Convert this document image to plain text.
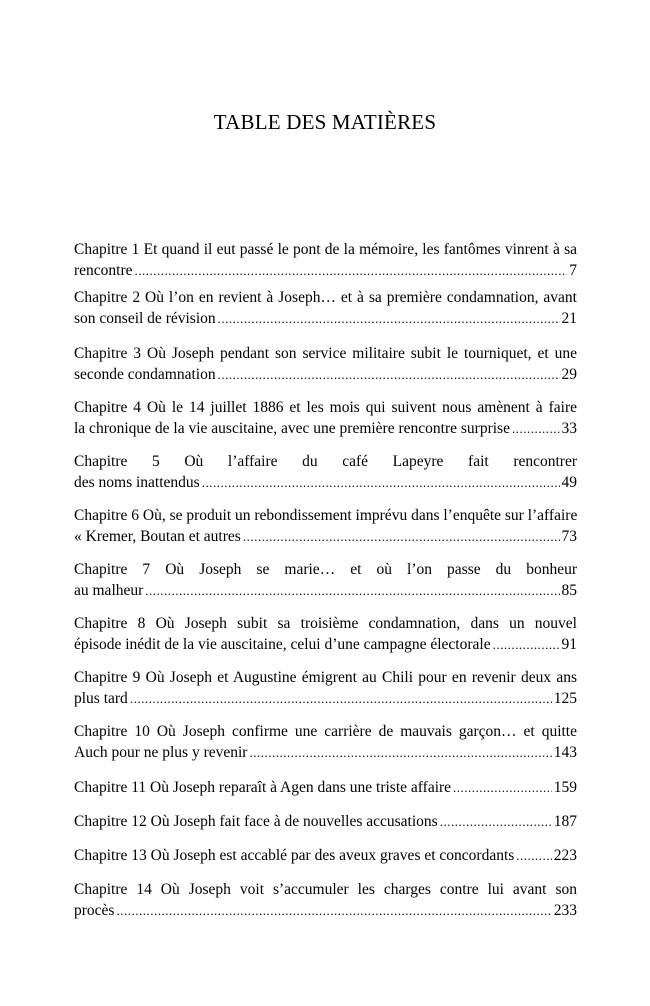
TABLE DES MATIÈRES
Chapitre 1 Et quand il eut passé le pont de la mémoire, les fantômes vinrent à sa
rencontre .....	7
Chapitre 2 Où l’on en revient à Joseph… et à sa première condamnation, avant
son conseil de révision .....	21
Chapitre 3 Où Joseph pendant son service militaire subit le tourniquet, et une
seconde condamnation .....	29
Chapitre 4 Où le 14 juillet 1886 et les mois qui suivent nous amènent à faire
la chronique de la vie auscitaine, avec une première rencontre surprise .....	33
Chapitre 5 Où l’affaire du café Lapeyre fait rencontrer
des noms inattendus .....	49
Chapitre 6 Où, se produit un rebondissement imprévu dans l’enquête sur l’affaire
« Kremer, Boutan et autres .....	73
Chapitre 7 Où Joseph se marie… et où l’on passe du bonheur
au malheur .....	85
Chapitre 8 Où Joseph subit sa troisième condamnation, dans un nouvel
épisode inédit de la vie auscitaine, celui d’une campagne électorale .....	91
Chapitre 9 Où Joseph et Augustine émigrent au Chili pour en revenir deux ans
plus tard .....	125
Chapitre 10 Où Joseph confirme une carrière de mauvais garçon… et quitte
Auch pour ne plus y revenir .....	143
Chapitre 11 Où Joseph reparaît à Agen dans une triste affaire .....	159
Chapitre 12 Où Joseph fait face à de nouvelles accusations .....	187
Chapitre 13 Où Joseph est accablé par des aveux graves et concordants .....	223
Chapitre 14 Où Joseph voit s’accumuler les charges contre lui avant son
procès .....	233
